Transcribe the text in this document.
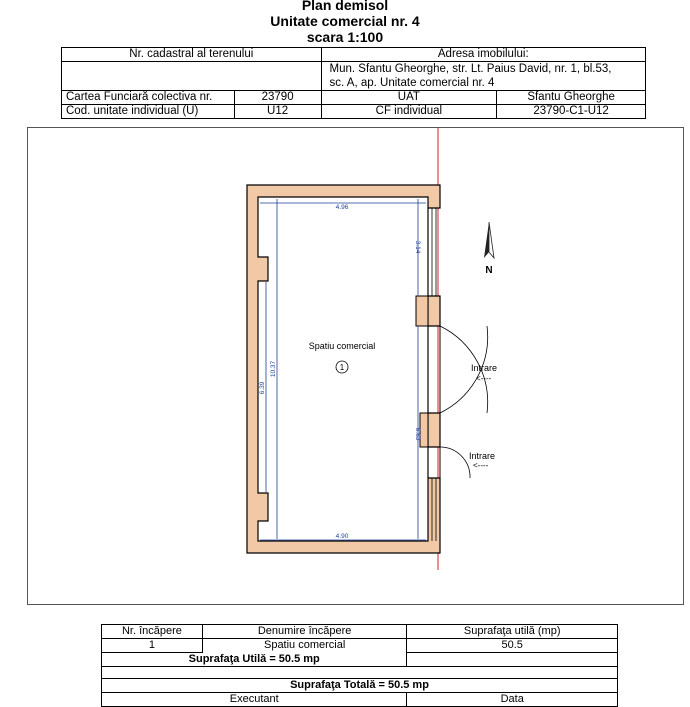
Plan demisol
Unitate comercial nr. 4
scara 1:100
Nr. cadastral al terenului		Adresa imobilului:	

		Mun. Sfantu Gheorghe, str. Lt. Paius David, nr. 1, bl.53,
sc. A, ap. Unitate comercial nr. 4	

Cartea Funciară colectiva nr.	23790	UAT	Sfantu Gheorghe
Cod. unitate individual (U)	U12	CF individual	23790-C1-U12
4.96
4.90
6.39
10.37
3.14
6.63
Spatiu comercial
1	Intrare
<----
Intrare
<----
N
Nr. încăpere	Denumire încăpere	Suprafaţa utilă (mp)
1	Spatiu comercial	50.5
Suprafaţa Utilă = 50.5 mp		

Suprafaţa Totală = 50.5 mp		
Executant		Data
